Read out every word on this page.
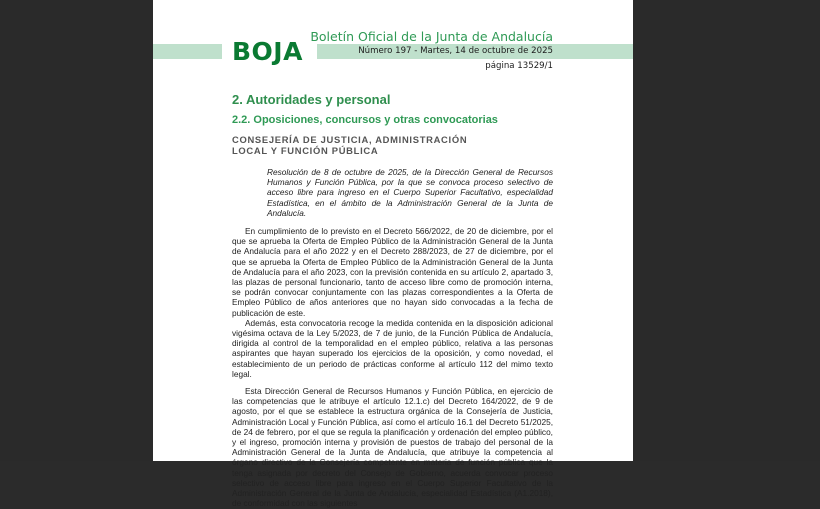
BOJA
Boletín Oficial de la Junta de Andalucía
Número 197 - Martes, 14 de octubre de 2025
página 13529/1
2. Autoridades y personal
2.2. Oposiciones, concursos y otras convocatorias
CONSEJERÍA DE JUSTICIA, ADMINISTRACIÓN LOCAL Y FUNCIÓN PÚBLICA

Resolución de 8 de octubre de 2025, de la Dirección General de Recursos Humanos y Función Pública, por la que se convoca proceso selectivo de acceso libre para ingreso en el Cuerpo Superior Facultativo, especialidad Estadística, en el ámbito de la Administración General de la Junta de Andalucía.

En cumplimiento de lo previsto en el Decreto 566/2022, de 20 de diciembre, por el que se aprueba la Oferta de Empleo Público de la Administración General de la Junta de Andalucía para el año 2022 y en el Decreto 288/2023, de 27 de diciembre, por el que se aprueba la Oferta de Empleo Público de la Administración General de la Junta de Andalucía para el año 2023, con la previsión contenida en su artículo 2, apartado 3, las plazas de personal funcionario, tanto de acceso libre como de promoción interna, se podrán convocar conjuntamente con las plazas correspondientes a la Oferta de Empleo Público de años anteriores que no hayan sido convocadas a la fecha de publicación de este.

Además, esta convocatoria recoge la medida contenida en la disposición adicional vigésima octava de la Ley 5/2023, de 7 de junio, de la Función Pública de Andalucía, dirigida al control de la temporalidad en el empleo público, relativa a las personas aspirantes que hayan superado los ejercicios de la oposición, y como novedad, el establecimiento de un periodo de prácticas conforme al artículo 112 del mimo texto legal.

Esta Dirección General de Recursos Humanos y Función Pública, en ejercicio de las competencias que le atribuye el artículo 12.1.c) del Decreto 164/2022, de 9 de agosto, por el que se establece la estructura orgánica de la Consejería de Justicia, Administración Local y Función Pública, así como el artículo 16.1 del Decreto 51/2025, de 24 de febrero, por el que se regula la planificación y ordenación del empleo público, y el ingreso, promoción interna y provisión de puestos de trabajo del personal de la Administración General de la Junta de Andalucía, que atribuye la competencia al órgano directivo de la Consejería competente en materia de función pública que la tenga asignada por decreto del Consejo de Gobierno, acuerda convocar proceso selectivo de acceso libre para ingreso en el Cuerpo Superior Facultativo de la Administración General de la Junta de Andalucía, especialidad Estadística (A1.2018), de conformidad con las siguientes
